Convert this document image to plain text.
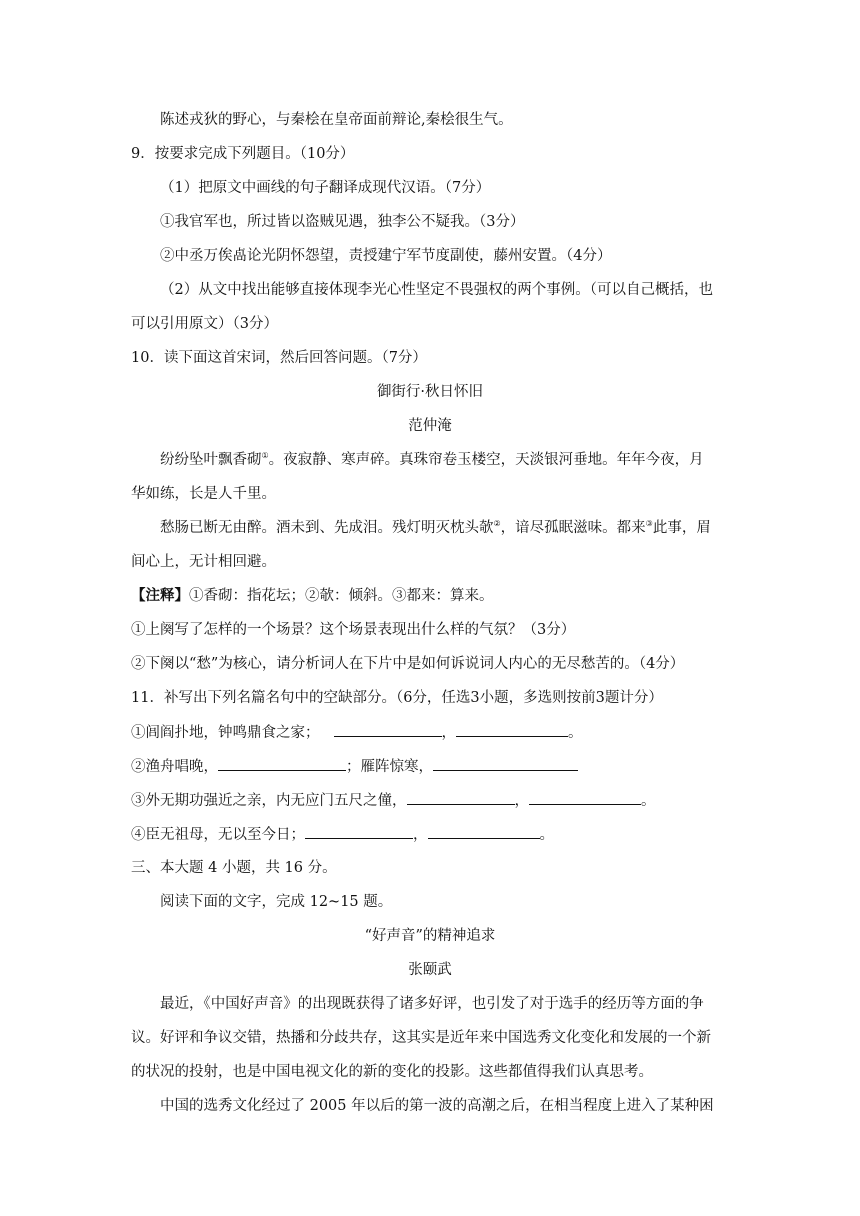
陈述戎狄的野心，与秦桧在皇帝面前辩论,秦桧很生气。
9．按要求完成下列题目。（10分）
（1）把原文中画线的句子翻译成现代汉语。（7分）
①我官军也，所过皆以盗贼见遇，独李公不疑我。（3分）
②中丞万俟卨论光阴怀怨望，责授建宁军节度副使，藤州安置。（4分）
（2）从文中找出能够直接体现李光心性坚定不畏强权的两个事例。（可以自己概括，也
可以引用原文）（3分）
10．读下面这首宋词，然后回答问题。（7分）
御街行·秋日怀旧
范仲淹
纷纷坠叶飘香砌①。夜寂静、寒声碎。真珠帘卷玉楼空，天淡银河垂地。年年今夜，月
华如练，长是人千里。
愁肠已断无由醉。酒未到、先成泪。残灯明灭枕头欹②，谙尽孤眠滋味。都来③此事，眉
间心上，无计相回避。
【注释】①香砌：指花坛；②欹：倾斜。③都来：算来。
①上阕写了怎样的一个场景？这个场景表现出什么样的气氛？（3分）
②下阕以“愁”为核心，请分析词人在下片中是如何诉说词人内心的无尽愁苦的。（4分）
11．补写出下列名篇名句中的空缺部分。（6分，任选3小题，多选则按前3题计分）
①闾阎扑地，钟鸣鼎食之家；	，	。
②渔舟唱晚，	；雁阵惊寒，
③外无期功强近之亲，内无应门五尺之僮，	，	。
④臣无祖母，无以至今日；	，	。
三、本大题 4 小题，共 16 分。
阅读下面的文字，完成 12~15 题。
“好声音”的精神追求
张颐武
最近，《中国好声音》的出现既获得了诸多好评，也引发了对于选手的经历等方面的争
议。好评和争议交错，热播和分歧共存，这其实是近年来中国选秀文化变化和发展的一个新
的状况的投射，也是中国电视文化的新的变化的投影。这些都值得我们认真思考。
中国的选秀文化经过了 2005 年以后的第一波的高潮之后，在相当程度上进入了某种困
